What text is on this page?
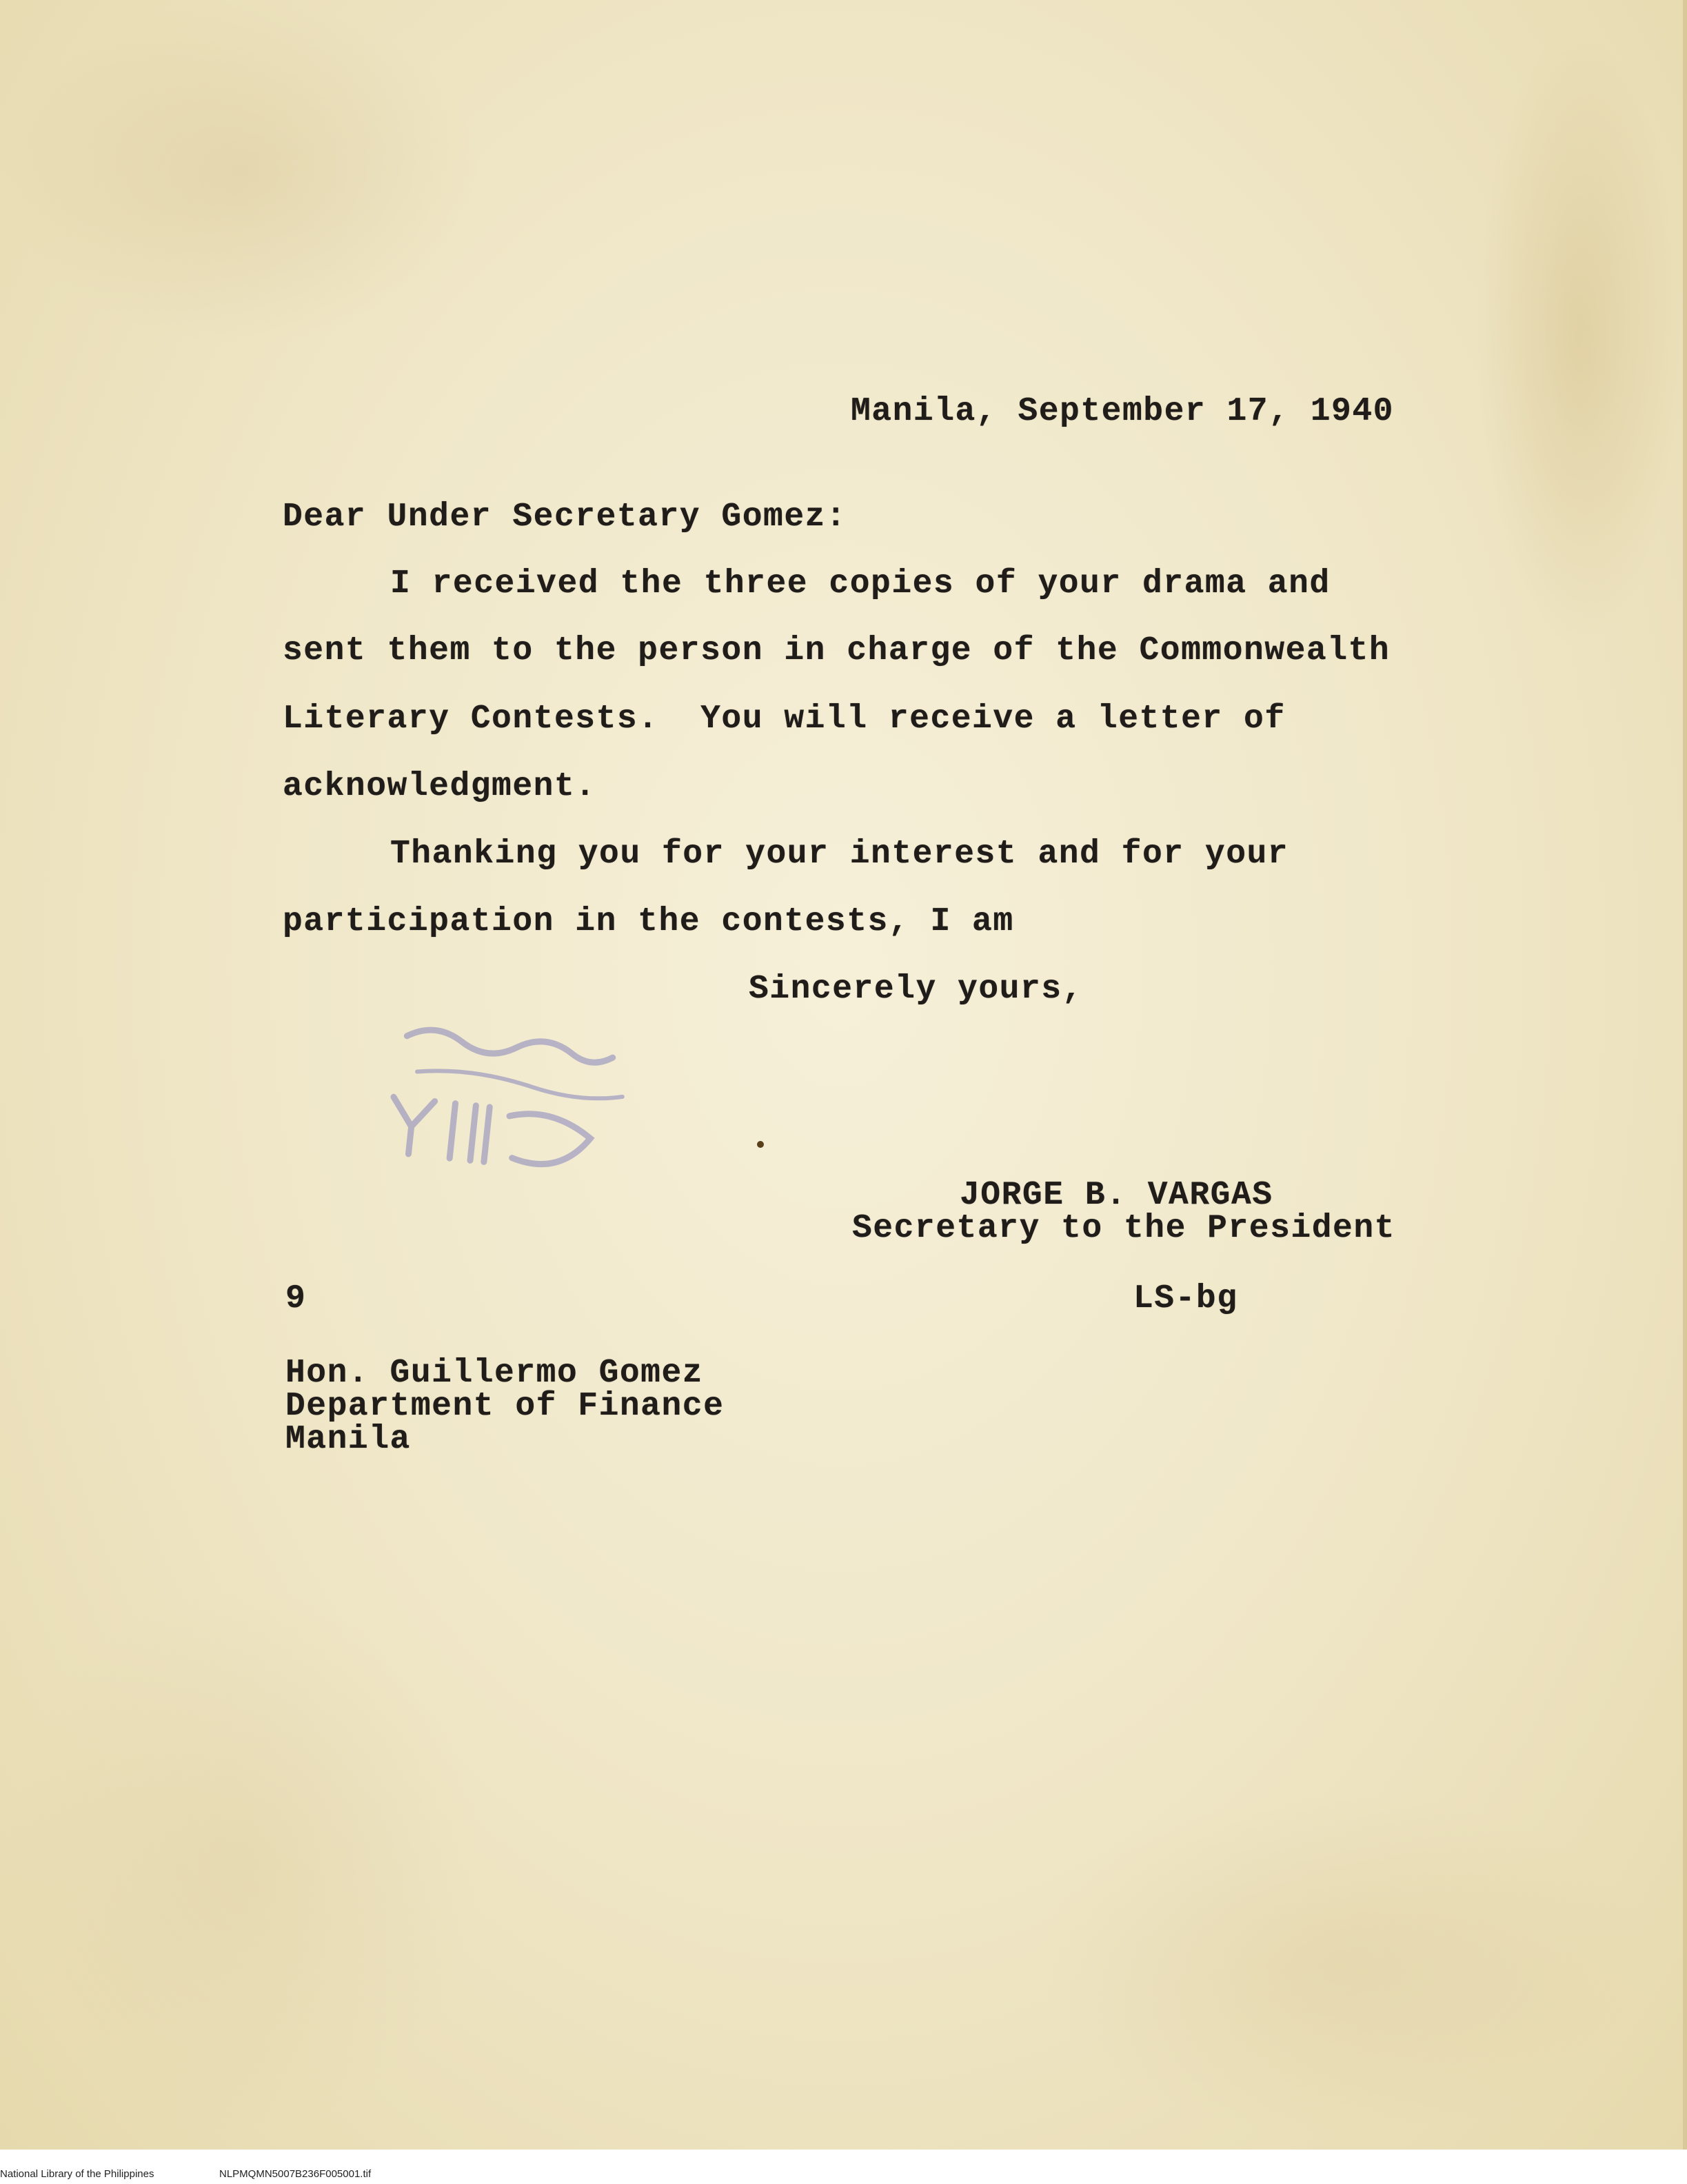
Manila, September 17, 1940
Dear Under Secretary Gomez:
I received the three copies of your drama and
sent them to the person in charge of the Commonwealth
Literary Contests.  You will receive a letter of
acknowledgment.
Thanking you for your interest and for your
participation in the contests, I am
Sincerely yours,
JORGE B. VARGAS
Secretary to the President
9	LS-bg
Hon. Guillermo Gomez
Department of Finance
Manila
National Library of the Philippines	NLPMQMN5007B236F005001.tif
